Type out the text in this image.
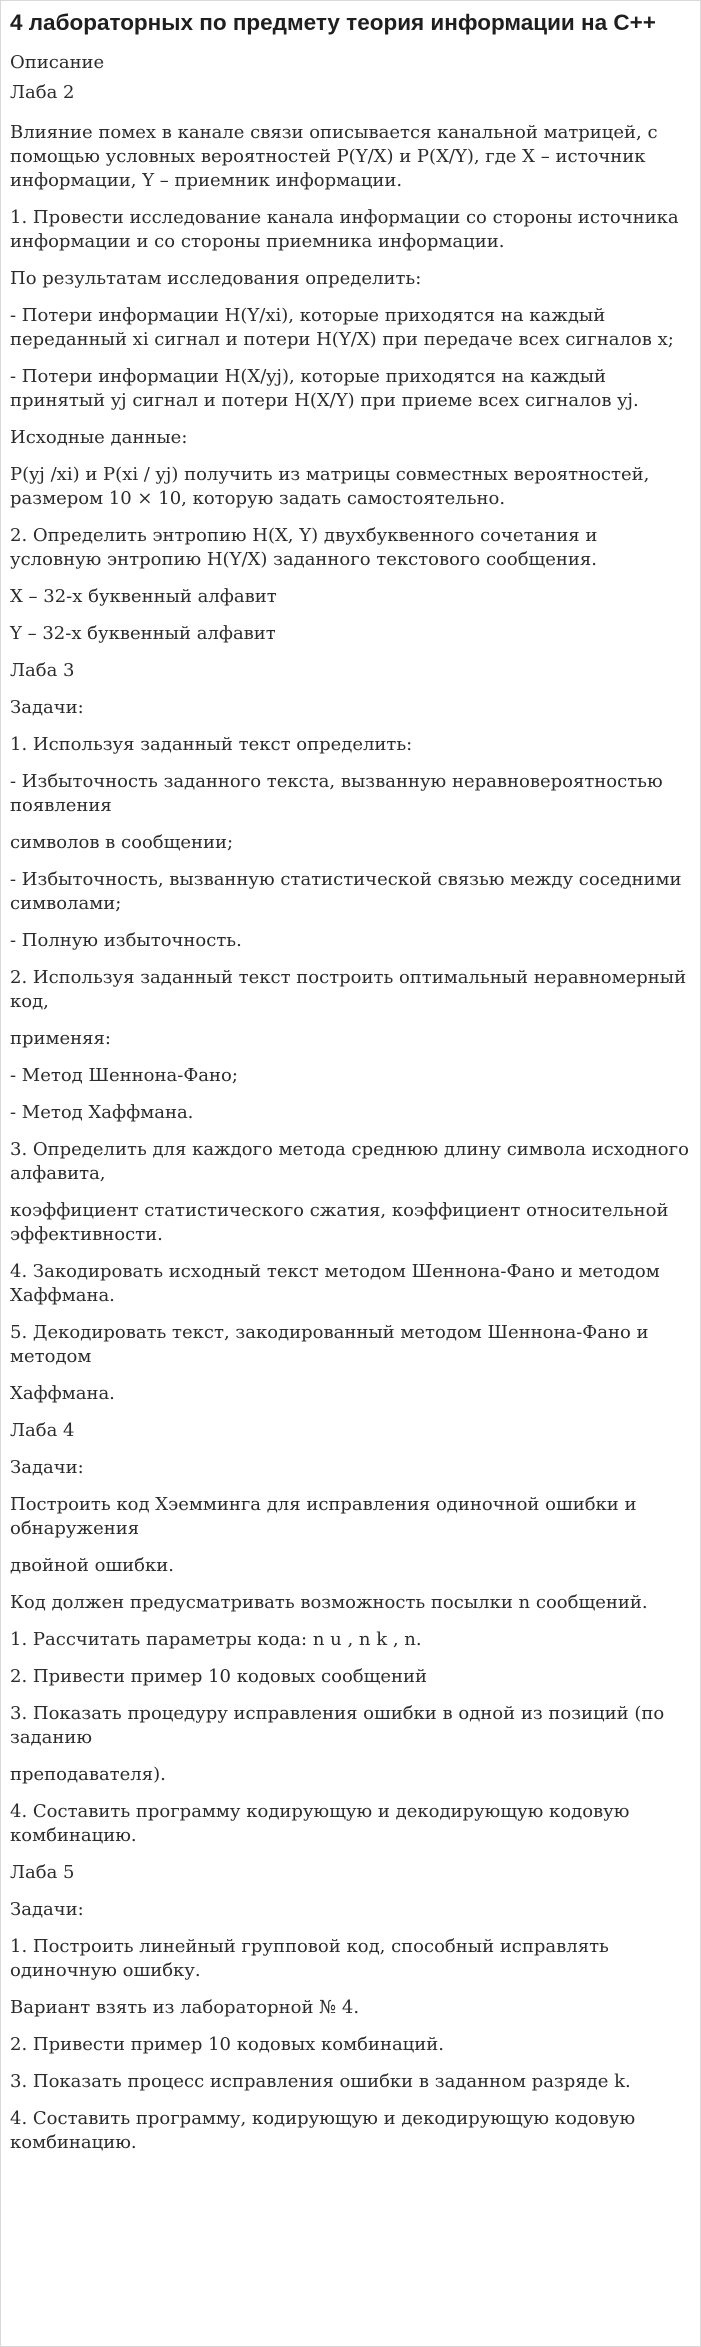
4 лабораторных по предмету теория информации на C++
Описание
Лаба 2
Влияние помех в канале связи описывается канальной матрицей, с помощью условных вероятностей P(Y/X) и P(X/Y), где X – источник информации, Y – приемник информации.
1. Провести исследование канала информации со стороны источника информации и со стороны приемника информации.
По результатам исследования определить:
- Потери информации H(Y/xi), которые приходятся на каждый переданный xi сигнал и потери H(Y/X) при передаче всех сигналов x;
- Потери информации H(X/yj), которые приходятся на каждый принятый yj сигнал и потери H(X/Y) при приеме всех сигналов yj.
Исходные данные:
P(yj /xi) и P(xi / yj) получить из матрицы совместных вероятностей, размером 10 × 10, которую задать самостоятельно.
2. Определить энтропию H(X, Y) двухбуквенного сочетания и условную энтропию H(Y/X) заданного текстового сообщения.
X – 32-х буквенный алфавит
Y – 32-х буквенный алфавит
Лаба 3
Задачи:
1. Используя заданный текст определить:
- Избыточность заданного текста, вызванную неравновероятностью появления
символов в сообщении;
- Избыточность, вызванную статистической связью между соседними символами;
- Полную избыточность.
2. Используя заданный текст построить оптимальный неравномерный код,
применяя:
- Метод Шеннона-Фано;
- Метод Хаффмана.
3. Определить для каждого метода среднюю длину символа исходного алфавита,
коэффициент статистического сжатия, коэффициент относительной эффективности.
4. Закодировать исходный текст методом Шеннона-Фано и методом Хаффмана.
5. Декодировать текст, закодированный методом Шеннона-Фано и методом
Хаффмана.
Лаба 4
Задачи:
Построить код Хэемминга для исправления одиночной ошибки и обнаружения
двойной ошибки.
Код должен предусматривать возможность посылки n сообщений.
1. Рассчитать параметры кода: n u , n k , n.
2. Привести пример 10 кодовых сообщений
3. Показать процедуру исправления ошибки в одной из позиций (по заданию
преподавателя).
4. Составить программу кодирующую и декодирующую кодовую комбинацию.
Лаба 5
Задачи:
1. Построить линейный групповой код, способный исправлять одиночную ошибку.
Вариант взять из лабораторной № 4.
2. Привести пример 10 кодовых комбинаций.
3. Показать процесс исправления ошибки в заданном разряде k.
4. Составить программу, кодирующую и декодирующую кодовую комбинацию.
